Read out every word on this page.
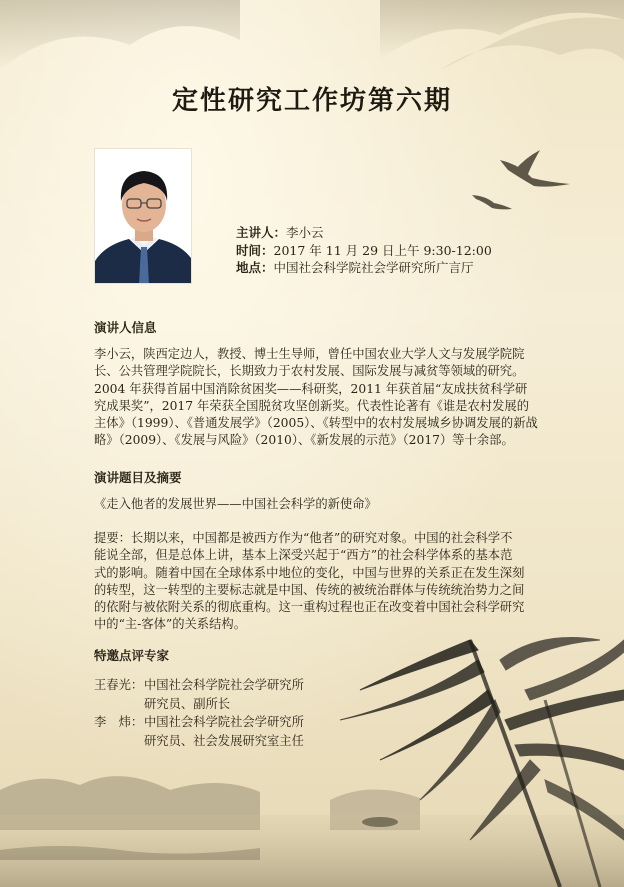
定性研究工作坊第六期
主讲人：李小云
时间：2017 年 11 月 29 日上午 9:30-12:00
地点：中国社会科学院社会学研究所广言厅
演讲人信息
李小云，陕西定边人，教授、博士生导师，曾任中国农业大学人文与发展学院院
长、公共管理学院院长，长期致力于农村发展、国际发展与减贫等领域的研究。
2004 年获得首届中国消除贫困奖——科研奖，2011 年获首届“友成扶贫科学研
究成果奖”，2017 年荣获全国脱贫攻坚创新奖。代表性论著有《谁是农村发展的
主体》（1999）、《普通发展学》（2005）、《转型中的农村发展城乡协调发展的新战
略》（2009）、《发展与风险》（2010）、《新发展的示范》（2017）等十余部。
演讲题目及摘要
《走入他者的发展世界——中国社会科学的新使命》
提要：长期以来，中国都是被西方作为“他者”的研究对象。中国的社会科学不
能说全部，但是总体上讲，基本上深受兴起于“西方”的社会科学体系的基本范
式的影响。随着中国在全球体系中地位的变化，中国与世界的关系正在发生深刻
的转型，这一转型的主要标志就是中国、传统的被统治群体与传统统治势力之间
的依附与被依附关系的彻底重构。这一重构过程也正在改变着中国社会科学研究
中的“主-客体”的关系结构。
特邀点评专家
王春光： 中国社会科学院社会学研究所
研究员、副所长
李　炜： 中国社会科学院社会学研究所
研究员、社会发展研究室主任
